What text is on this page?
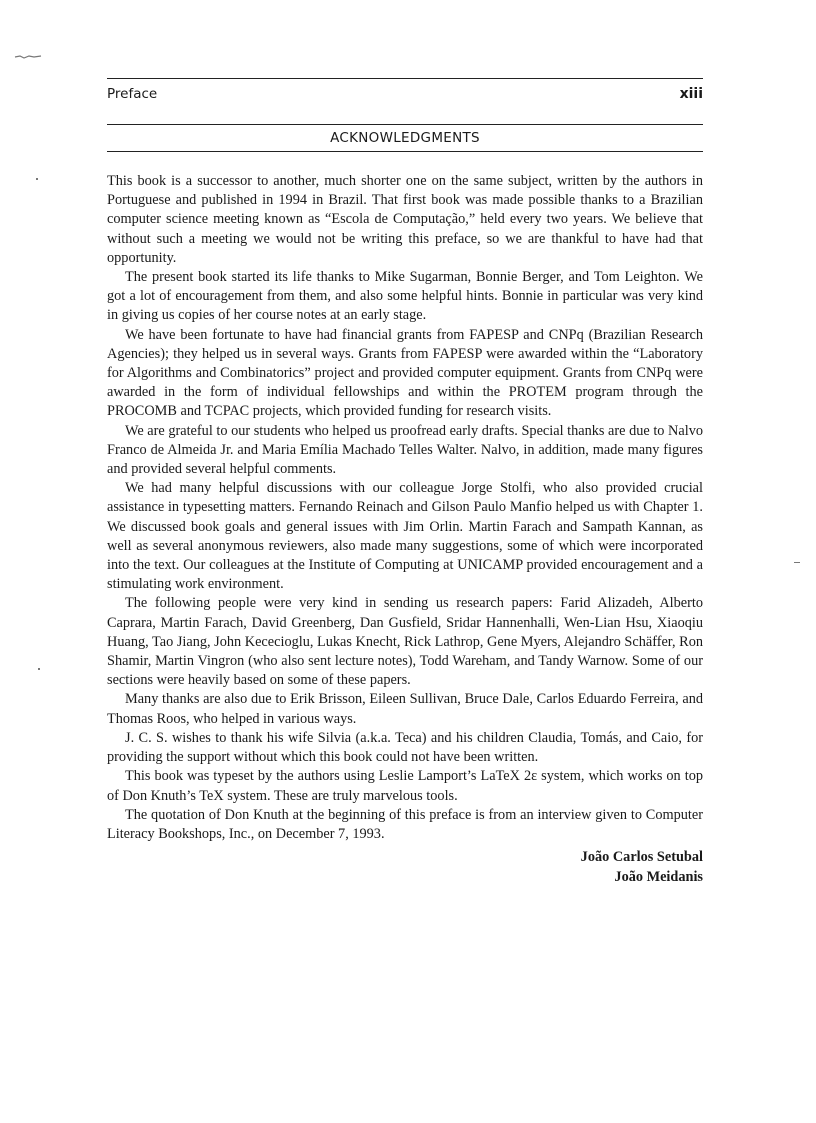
Preface	xiii
ACKNOWLEDGMENTS

This book is a successor to another, much shorter one on the same subject, written by the authors in Portuguese and published in 1994 in Brazil. That first book was made possible thanks to a Brazilian computer science meeting known as “Escola de Computação,” held every two years. We believe that without such a meeting we would not be writing this preface, so we are thankful to have had that opportunity.

The present book started its life thanks to Mike Sugarman, Bonnie Berger, and Tom Leighton. We got a lot of encouragement from them, and also some helpful hints. Bonnie in particular was very kind in giving us copies of her course notes at an early stage.

We have been fortunate to have had financial grants from FAPESP and CNPq (Brazilian Research Agencies); they helped us in several ways. Grants from FAPESP were awarded within the “Laboratory for Algorithms and Combinatorics” project and provided computer equipment. Grants from CNPq were awarded in the form of individual fellowships and within the PROTEM program through the PROCOMB and TCPAC projects, which provided funding for research visits.

We are grateful to our students who helped us proofread early drafts. Special thanks are due to Nalvo Franco de Almeida Jr. and Maria Emília Machado Telles Walter. Nalvo, in addition, made many figures and provided several helpful comments.

We had many helpful discussions with our colleague Jorge Stolfi, who also provided crucial assistance in typesetting matters. Fernando Reinach and Gilson Paulo Manfio helped us with Chapter 1. We discussed book goals and general issues with Jim Orlin. Martin Farach and Sampath Kannan, as well as several anonymous reviewers, also made many suggestions, some of which were incorporated into the text. Our colleagues at the Institute of Computing at UNICAMP provided encouragement and a stimulating work environment.

The following people were very kind in sending us research papers: Farid Alizadeh, Alberto Caprara, Martin Farach, David Greenberg, Dan Gusfield, Sridar Hannenhalli, Wen-Lian Hsu, Xiaoqiu Huang, Tao Jiang, John Kececioglu, Lukas Knecht, Rick Lathrop, Gene Myers, Alejandro Schäffer, Ron Shamir, Martin Vingron (who also sent lecture notes), Todd Wareham, and Tandy Warnow. Some of our sections were heavily based on some of these papers.

Many thanks are also due to Erik Brisson, Eileen Sullivan, Bruce Dale, Carlos Eduardo Ferreira, and Thomas Roos, who helped in various ways.

J. C. S. wishes to thank his wife Silvia (a.k.a. Teca) and his children Claudia, Tomás, and Caio, for providing the support without which this book could not have been written.

This book was typeset by the authors using Leslie Lamport’s LaTeX 2ε system, which works on top of Don Knuth’s TeX system. These are truly marvelous tools.

The quotation of Don Knuth at the beginning of this preface is from an interview given to Computer Literacy Bookshops, Inc., on December 7, 1993.

João Carlos Setubal
João Meidanis
